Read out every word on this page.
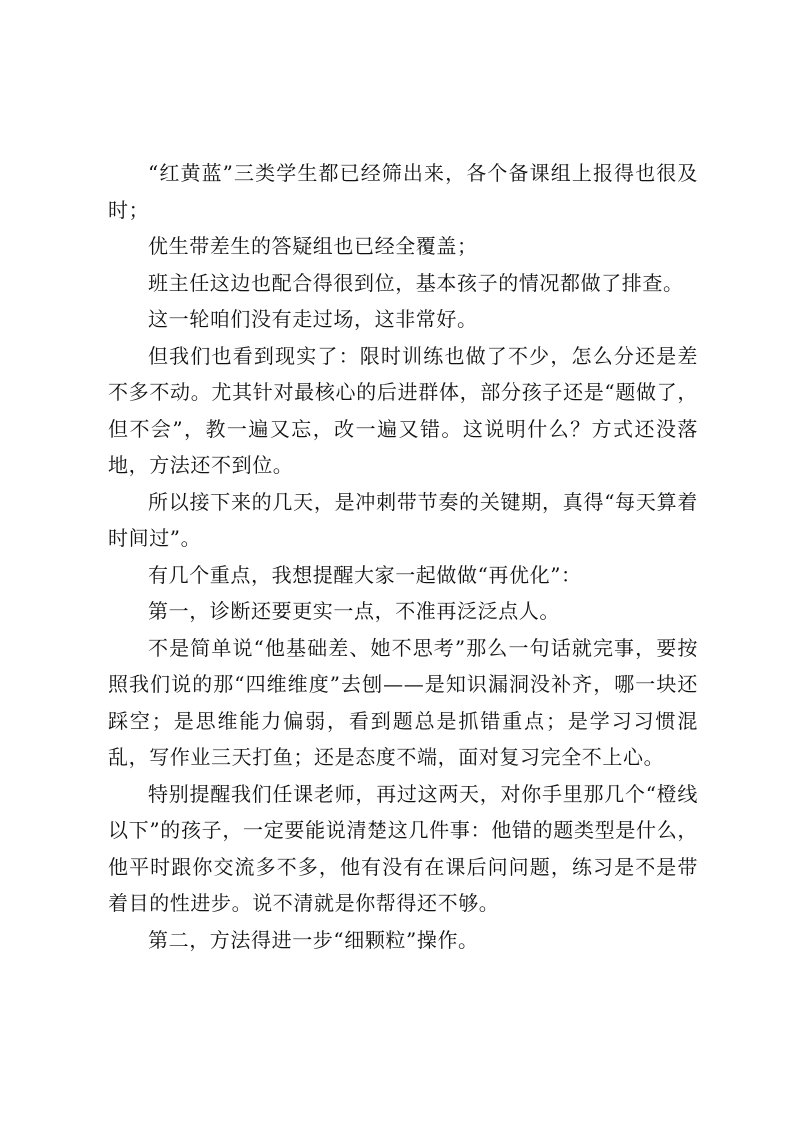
“红黄蓝”三类学生都已经筛出来，各个备课组上报得也很及时；

优生带差生的答疑组也已经全覆盖；

班主任这边也配合得很到位，基本孩子的情况都做了排查。

这一轮咱们没有走过场，这非常好。

但我们也看到现实了：限时训练也做了不少，怎么分还是差不多不动。尤其针对最核心的后进群体，部分孩子还是“题做了，但不会”，教一遍又忘，改一遍又错。这说明什么？方式还没落地，方法还不到位。

所以接下来的几天，是冲刺带节奏的关键期，真得“每天算着时间过”。

有几个重点，我想提醒大家一起做做“再优化”：

第一，诊断还要更实一点，不准再泛泛点人。

不是简单说“他基础差、她不思考”那么一句话就完事，要按照我们说的那“四维维度”去刨——是知识漏洞没补齐，哪一块还踩空；是思维能力偏弱，看到题总是抓错重点；是学习习惯混乱，写作业三天打鱼；还是态度不端，面对复习完全不上心。

特别提醒我们任课老师，再过这两天，对你手里那几个“橙线以下”的孩子，一定要能说清楚这几件事：他错的题类型是什么，他平时跟你交流多不多，他有没有在课后问问题，练习是不是带着目的性进步。说不清就是你帮得还不够。

第二，方法得进一步“细颗粒”操作。
